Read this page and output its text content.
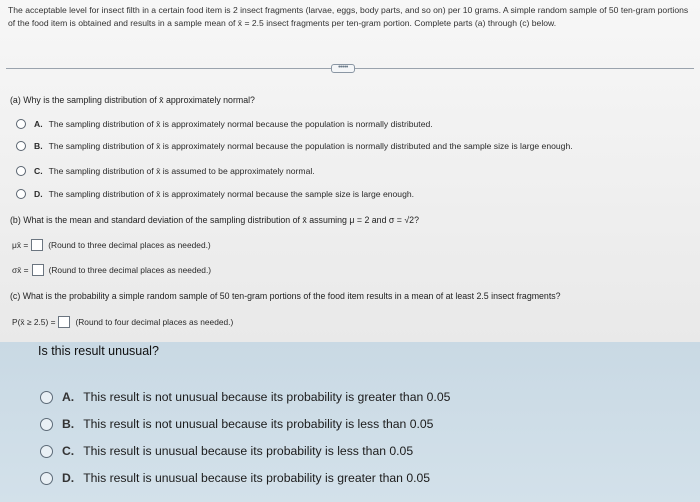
The acceptable level for insect filth in a certain food item is 2 insect fragments (larvae, eggs, body parts, and so on) per 10 grams. A simple random sample of 50 ten-gram portions of the food item is obtained and results in a sample mean of x̄ = 2.5 insect fragments per ten-gram portion. Complete parts (a) through (c) below.
•••••
(a) Why is the sampling distribution of x̄ approximately normal?
A. The sampling distribution of x̄ is approximately normal because the population is normally distributed.
B. The sampling distribution of x̄ is approximately normal because the population is normally distributed and the sample size is large enough.
C. The sampling distribution of x̄ is assumed to be approximately normal.
D. The sampling distribution of x̄ is approximately normal because the sample size is large enough.
(b) What is the mean and standard deviation of the sampling distribution of x̄ assuming μ = 2 and σ = √2?
μx̄ = (Round to three decimal places as needed.)
σx̄ = (Round to three decimal places as needed.)
(c) What is the probability a simple random sample of 50 ten-gram portions of the food item results in a mean of at least 2.5 insect fragments?
P(x̄ ≥ 2.5) = (Round to four decimal places as needed.)
Is this result unusual?
A. This result is not unusual because its probability is greater than 0.05
B. This result is not unusual because its probability is less than 0.05
C. This result is unusual because its probability is less than 0.05
D. This result is unusual because its probability is greater than 0.05
